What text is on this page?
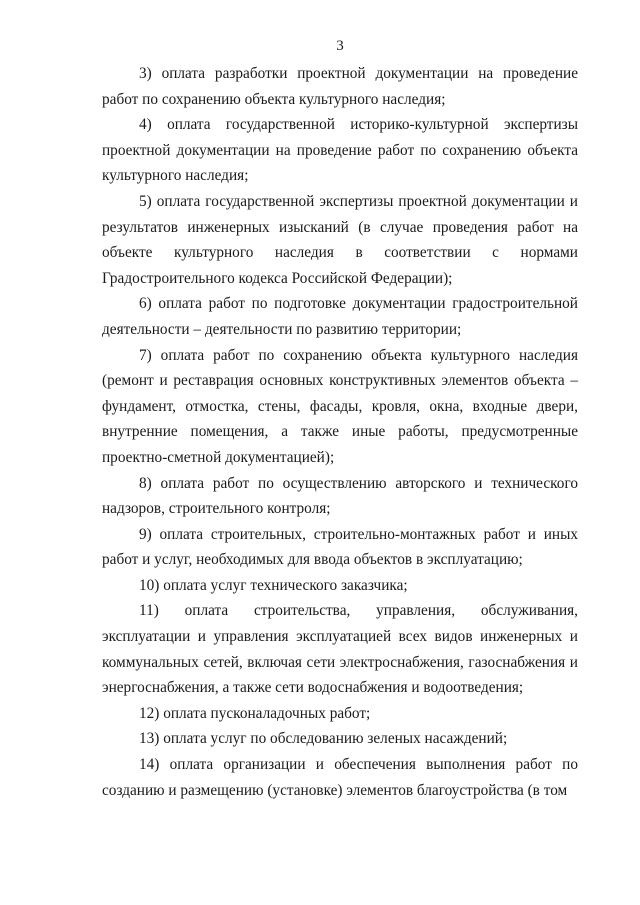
3

3) оплата разработки проектной документации на проведение работ по сохранению объекта культурного наследия;

4) оплата государственной историко-культурной экспертизы проектной документации на проведение работ по сохранению объекта культурного наследия;

5) оплата государственной экспертизы проектной документации и результатов инженерных изысканий (в случае проведения работ на объекте культурного наследия в соответствии с нормами Градостроительного кодекса Российской Федерации);

6) оплата работ по подготовке документации градостроительной деятельности – деятельности по развитию территории;

7) оплата работ по сохранению объекта культурного наследия (ремонт и реставрация основных конструктивных элементов объекта – фундамент, отмостка, стены, фасады, кровля, окна, входные двери, внутренние помещения, а также иные работы, предусмотренные проектно-сметной документацией);

8) оплата работ по осуществлению авторского и технического надзоров, строительного контроля;

9) оплата строительных, строительно-монтажных работ и иных работ и услуг, необходимых для ввода объектов в эксплуатацию;

10) оплата услуг технического заказчика;

11) оплата строительства, управления, обслуживания, эксплуатации и управления эксплуатацией всех видов инженерных и коммунальных сетей, включая сети электроснабжения, газоснабжения и энергоснабжения, а также сети водоснабжения и водоотведения;

12) оплата пусконаладочных работ;

13) оплата услуг по обследованию зеленых насаждений;

14) оплата организации и обеспечения выполнения работ по созданию и размещению (установке) элементов благоустройства (в том
